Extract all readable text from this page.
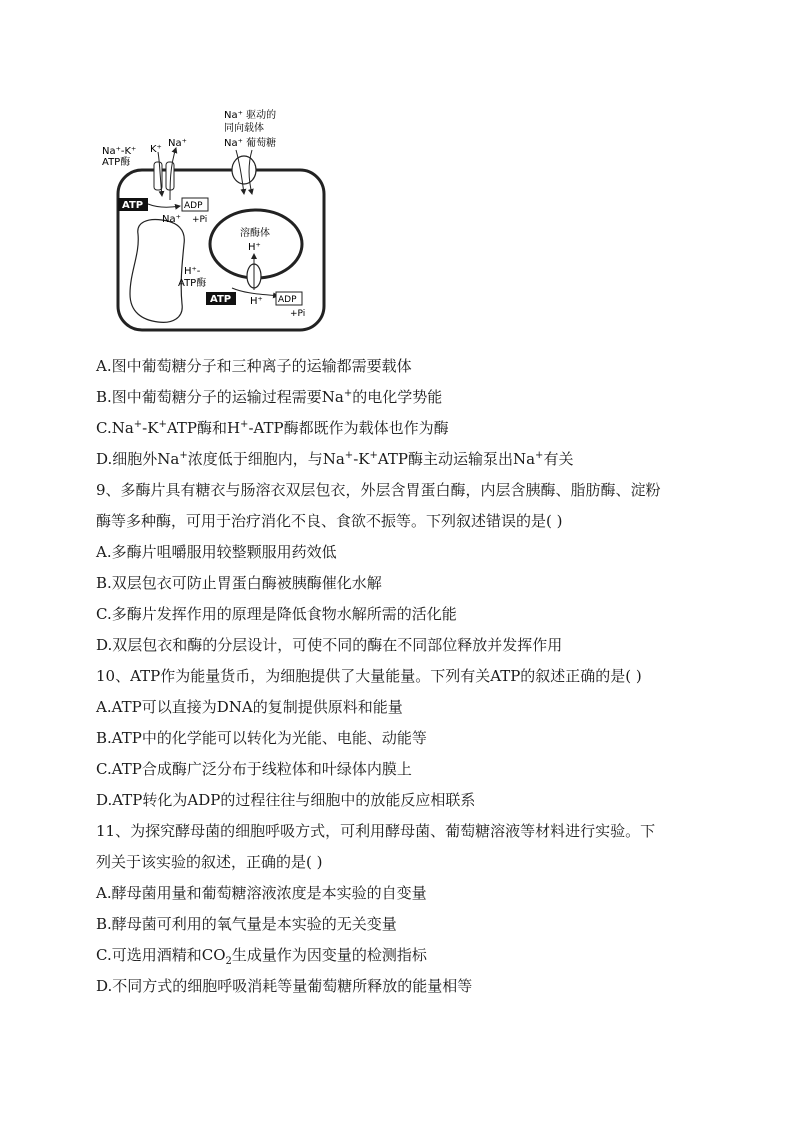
Na⁺-K⁺
ATP酶
K⁺
Na⁺
Na⁺ 驱动的
同向载体
Na⁺ 葡萄糖
ATP	ADP
+Pi
Na⁺
溶酶体
H⁺
H⁺-
ATP酶
ATP H⁺ ADP
+Pi
A.图中葡萄糖分子和三种离子的运输都需要载体
B.图中葡萄糖分子的运输过程需要Na+的电化学势能
C.Na+-K+ATP酶和H+-ATP酶都既作为载体也作为酶
D.细胞外Na+浓度低于细胞内，与Na+-K+ATP酶主动运输泵出Na+有关
9、多酶片具有糖衣与肠溶衣双层包衣，外层含胃蛋白酶，内层含胰酶、脂肪酶、淀粉
酶等多种酶，可用于治疗消化不良、食欲不振等。下列叙述错误的是( )
A.多酶片咀嚼服用较整颗服用药效低
B.双层包衣可防止胃蛋白酶被胰酶催化水解
C.多酶片发挥作用的原理是降低食物水解所需的活化能
D.双层包衣和酶的分层设计，可使不同的酶在不同部位释放并发挥作用
10、ATP作为能量货币，为细胞提供了大量能量。下列有关ATP的叙述正确的是( )
A.ATP可以直接为DNA的复制提供原料和能量
B.ATP中的化学能可以转化为光能、电能、动能等
C.ATP合成酶广泛分布于线粒体和叶绿体内膜上
D.ATP转化为ADP的过程往往与细胞中的放能反应相联系
11、为探究酵母菌的细胞呼吸方式，可利用酵母菌、葡萄糖溶液等材料进行实验。下
列关于该实验的叙述，正确的是( )
A.酵母菌用量和葡萄糖溶液浓度是本实验的自变量
B.酵母菌可利用的氧气量是本实验的无关变量
C.可选用酒精和$CO_2$生成量作为因变量的检测指标
D.不同方式的细胞呼吸消耗等量葡萄糖所释放的能量相等
